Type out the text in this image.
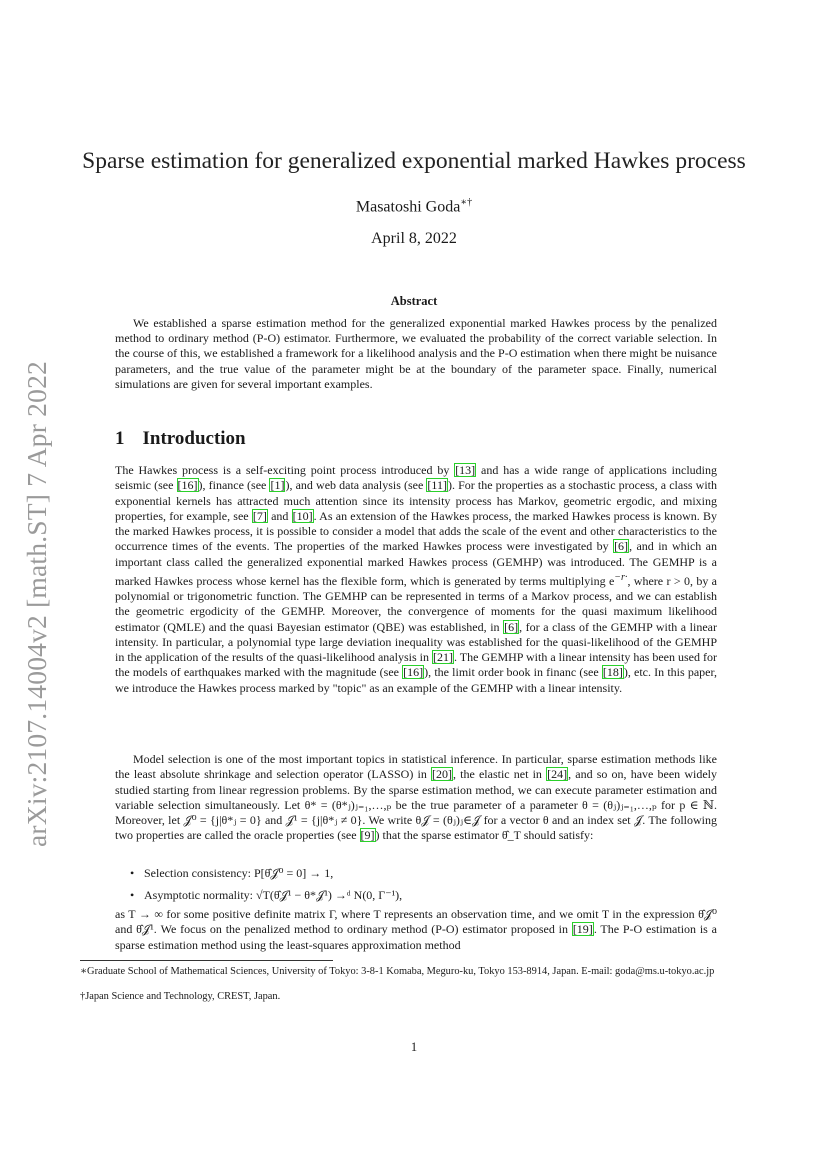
arXiv:2107.14004v2 [math.ST] 7 Apr 2022
Sparse estimation for generalized exponential marked Hawkes process
Masatoshi Goda∗†
April 8, 2022
Abstract
We established a sparse estimation method for the generalized exponential marked Hawkes process by the penalized method to ordinary method (P-O) estimator. Furthermore, we evaluated the probability of the correct variable selection. In the course of this, we established a framework for a likelihood analysis and the P-O estimation when there might be nuisance parameters, and the true value of the parameter might be at the boundary of the parameter space. Finally, numerical simulations are given for several important examples.
1 Introduction
The Hawkes process is a self-exciting point process introduced by [13] and has a wide range of applications including seismic (see [16]), finance (see [1]), and web data analysis (see [11]). For the properties as a stochastic process, a class with exponential kernels has attracted much attention since its intensity process has Markov, geometric ergodic, and mixing properties, for example, see [7] and [10]. As an extension of the Hawkes process, the marked Hawkes process is known. By the marked Hawkes process, it is possible to consider a model that adds the scale of the event and other characteristics to the occurrence times of the events. The properties of the marked Hawkes process were investigated by [6], and in which an important class called the generalized exponential marked Hawkes process (GEMHP) was introduced. The GEMHP is a marked Hawkes process whose kernel has the flexible form, which is generated by terms multiplying $e^{-r\cdot}$, where r > 0, by a polynomial or trigonometric function. The GEMHP can be represented in terms of a Markov process, and we can establish the geometric ergodicity of the GEMHP. Moreover, the convergence of moments for the quasi maximum likelihood estimator (QMLE) and the quasi Bayesian estimator (QBE) was established, in [6], for a class of the GEMHP with a linear intensity. In particular, a polynomial type large deviation inequality was established for the quasi-likelihood of the GEMHP in the application of the results of the quasi-likelihood analysis in [21]. The GEMHP with a linear intensity has been used for the models of earthquakes marked with the magnitude (see [16]), the limit order book in financ (see [18]), etc. In this paper, we introduce the Hawkes process marked by "topic" as an example of the GEMHP with a linear intensity.
Model selection is one of the most important topics in statistical inference. In particular, sparse estimation methods like the least absolute shrinkage and selection operator (LASSO) in [20], the elastic net in [24], and so on, have been widely studied starting from linear regression problems. By the sparse estimation method, we can execute parameter estimation and variable selection simultaneously. Let θ* = (θ*ⱼ)ⱼ₌₁,…,ₚ be the true parameter of a parameter θ = (θⱼ)ⱼ₌₁,…,ₚ for p ∈ ℕ. Moreover, let 𝒥⁰ = {j|θ*ⱼ = 0} and 𝒥¹ = {j|θ*ⱼ ≠ 0}. We write θ𝒥 = (θⱼ)ⱼ∈𝒥 for a vector θ and an index set 𝒥. The following two properties are called the oracle properties (see [9]) that the sparse estimator θ̂_T should satisfy:
• Selection consistency: P[θ̂𝒥⁰ = 0] → 1,
• Asymptotic normality: √T(θ̂𝒥¹ − θ*𝒥¹) →ᵈ N(0, Γ⁻¹),
as T → ∞ for some positive definite matrix Γ, where T represents an observation time, and we omit T in the expression θ̂𝒥⁰ and θ̂𝒥¹. We focus on the penalized method to ordinary method (P-O) estimator proposed in [19]. The P-O estimation is a sparse estimation method using the least-squares approximation method
∗Graduate School of Mathematical Sciences, University of Tokyo: 3-8-1 Komaba, Meguro-ku, Tokyo 153-8914, Japan. E-mail: goda@ms.u-tokyo.ac.jp
†Japan Science and Technology, CREST, Japan.
1
